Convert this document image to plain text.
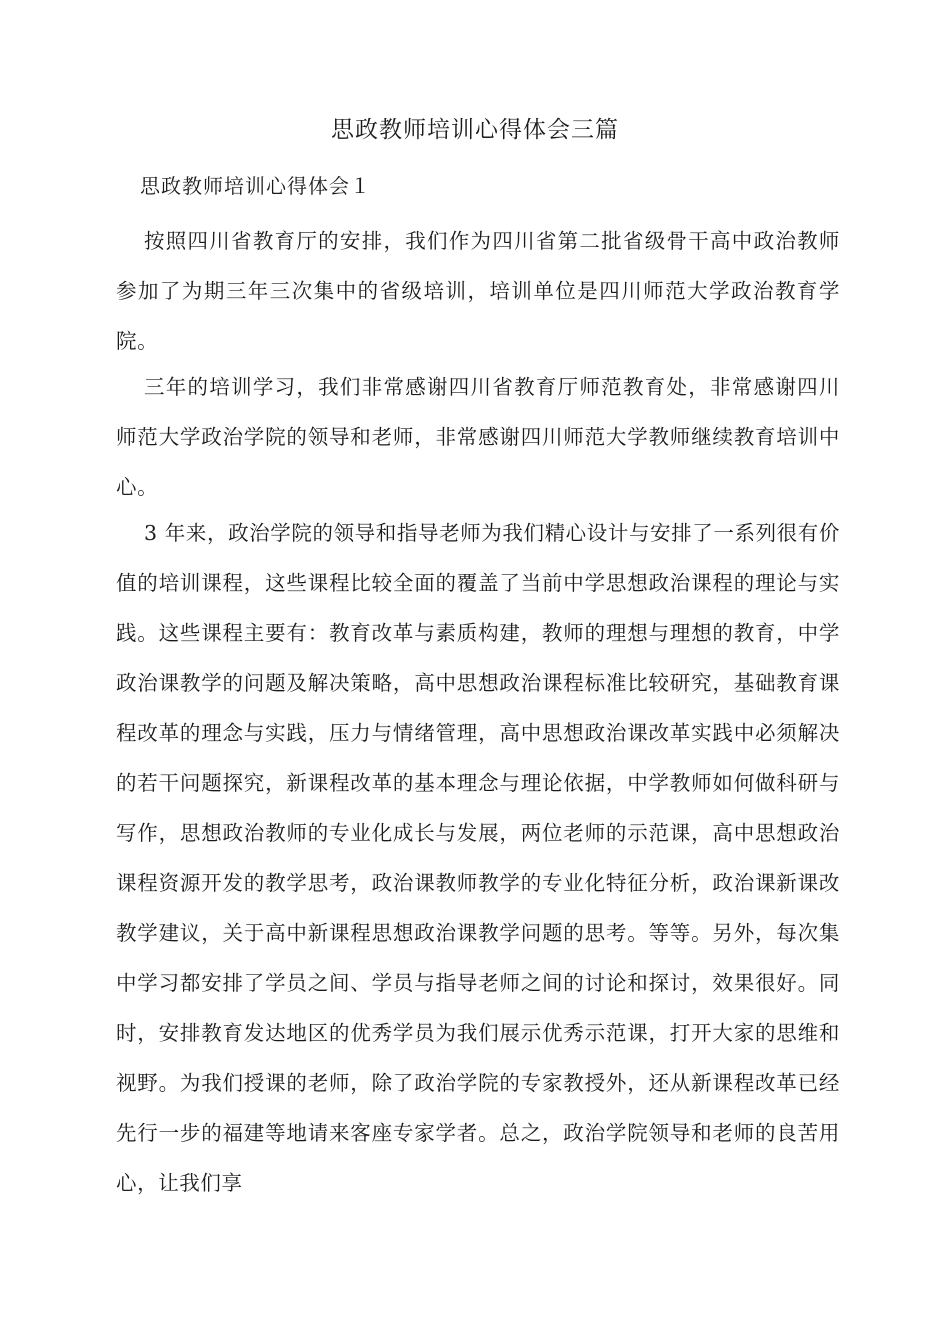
思政教师培训心得体会三篇
思政教师培训心得体会１

按照四川省教育厅的安排，我们作为四川省第二批省级骨干高中政治教师参加了为期三年三次集中的省级培训，培训单位是四川师范大学政治教育学院。

三年的培训学习，我们非常感谢四川省教育厅师范教育处，非常感谢四川师范大学政治学院的领导和老师，非常感谢四川师范大学教师继续教育培训中心。

3 年来，政治学院的领导和指导老师为我们精心设计与安排了一系列很有价值的培训课程，这些课程比较全面的覆盖了当前中学思想政治课程的理论与实践。这些课程主要有：教育改革与素质构建，教师的理想与理想的教育，中学政治课教学的问题及解决策略，高中思想政治课程标准比较研究，基础教育课程改革的理念与实践，压力与情绪管理，高中思想政治课改革实践中必须解决的若干问题探究，新课程改革的基本理念与理论依据，中学教师如何做科研与写作，思想政治教师的专业化成长与发展，两位老师的示范课，高中思想政治课程资源开发的教学思考，政治课教师教学的专业化特征分析，政治课新课改教学建议，关于高中新课程思想政治课教学问题的思考。等等。另外，每次集中学习都安排了学员之间、学员与指导老师之间的讨论和探讨，效果很好。同时，安排教育发达地区的优秀学员为我们展示优秀示范课，打开大家的思维和视野。为我们授课的老师，除了政治学院的专家教授外，还从新课程改革已经先行一步的福建等地请来客座专家学者。总之，政治学院领导和老师的良苦用心，让我们享
